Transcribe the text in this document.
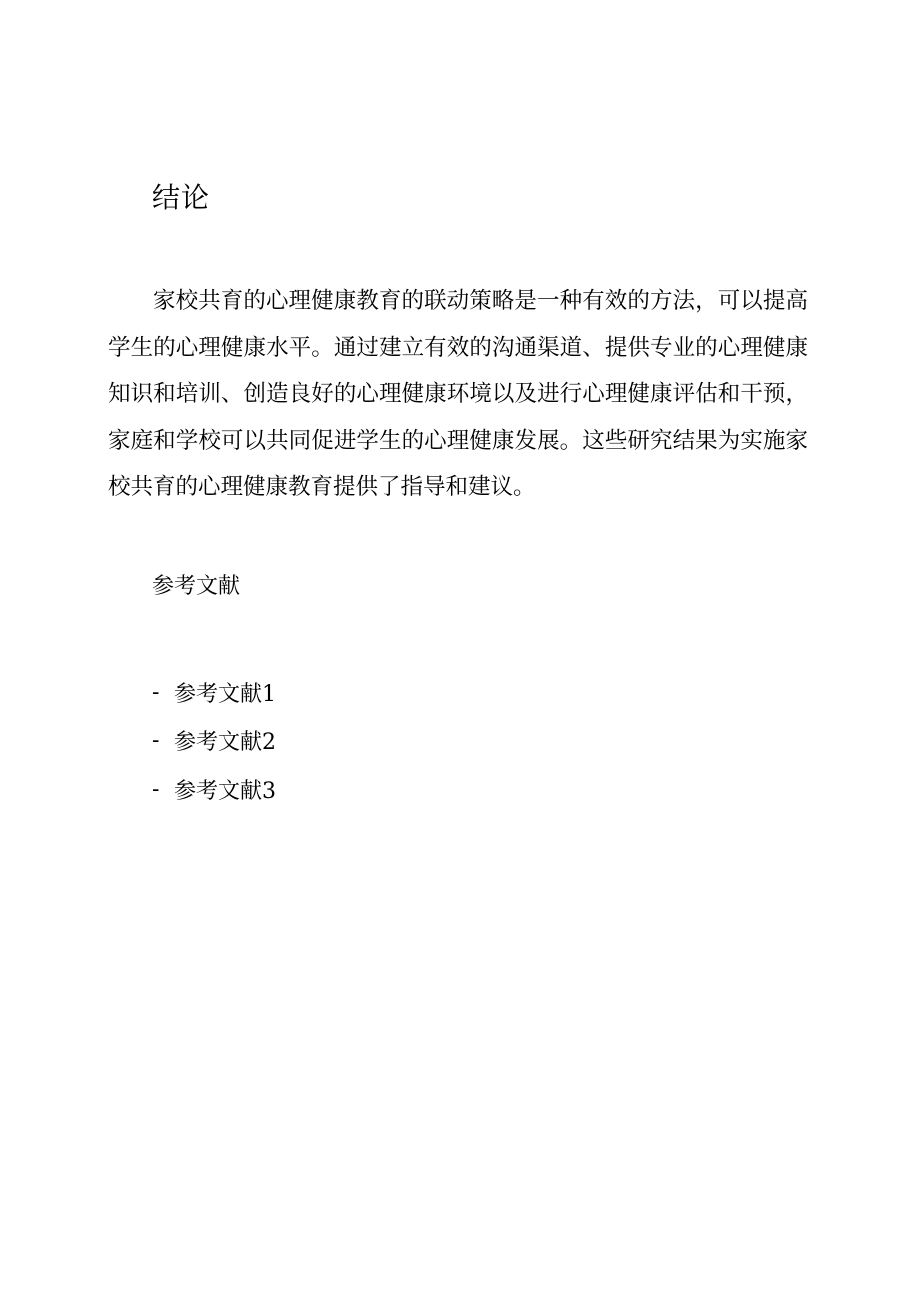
结论

家校共育的心理健康教育的联动策略是一种有效的方法，可以提高学生的心理健康水平。通过建立有效的沟通渠道、提供专业的心理健康知识和培训、创造良好的心理健康环境以及进行心理健康评估和干预，家庭和学校可以共同促进学生的心理健康发展。这些研究结果为实施家校共育的心理健康教育提供了指导和建议。

参考文献
- 参考文献1
- 参考文献2
- 参考文献3
